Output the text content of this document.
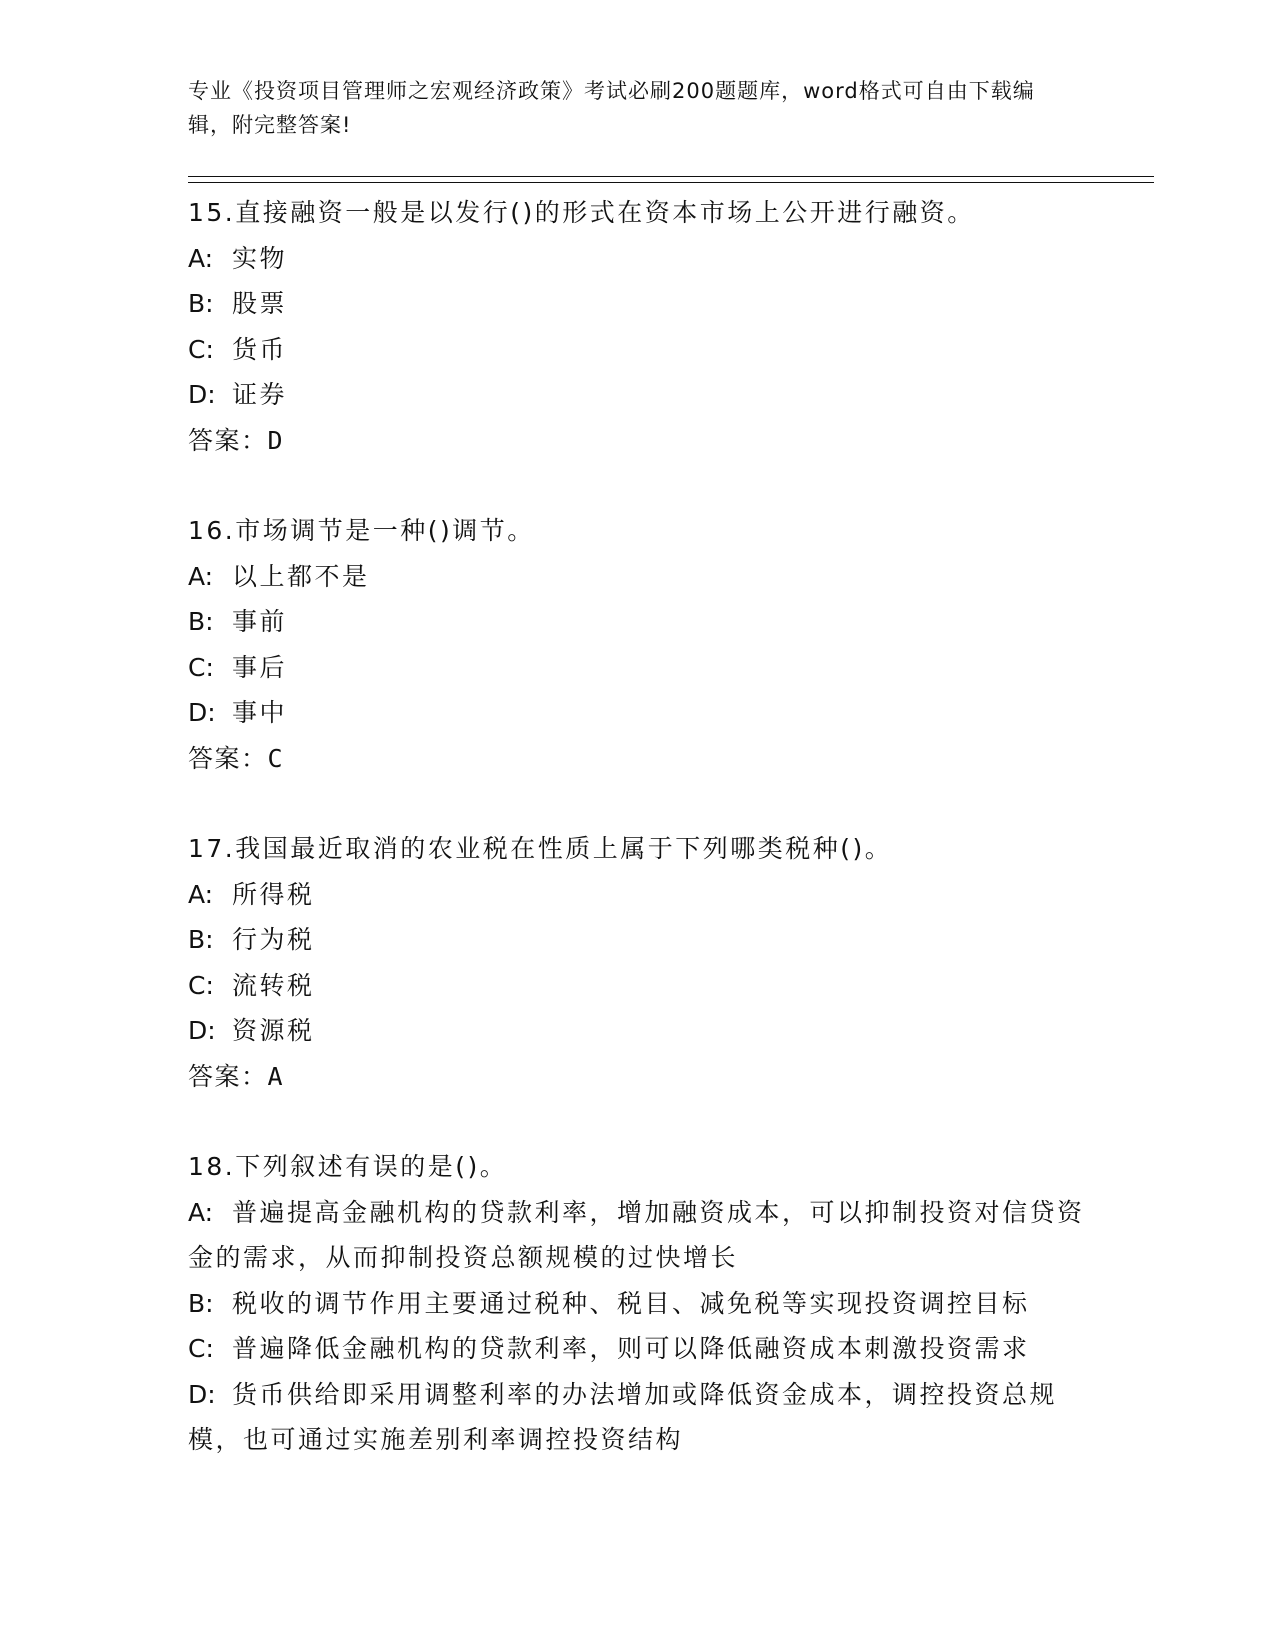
专业《投资项目管理师之宏观经济政策》考试必刷200题题库，word格式可自由下载编辑，附完整答案!
15.直接融资一般是以发行()的形式在资本市场上公开进行融资。
A: 实物
B: 股票
C: 货币
D: 证券
答案：D
16.市场调节是一种()调节。
A: 以上都不是
B: 事前
C: 事后
D: 事中
答案：C
17.我国最近取消的农业税在性质上属于下列哪类税种()。
A: 所得税
B: 行为税
C: 流转税
D: 资源税
答案：A
18.下列叙述有误的是()。
A: 普遍提高金融机构的贷款利率，增加融资成本，可以抑制投资对信贷资金的需求，从而抑制投资总额规模的过快增长
B: 税收的调节作用主要通过税种、税目、减免税等实现投资调控目标
C: 普遍降低金融机构的贷款利率，则可以降低融资成本刺激投资需求
D: 货币供给即采用调整利率的办法增加或降低资金成本，调控投资总规模，也可通过实施差别利率调控投资结构
